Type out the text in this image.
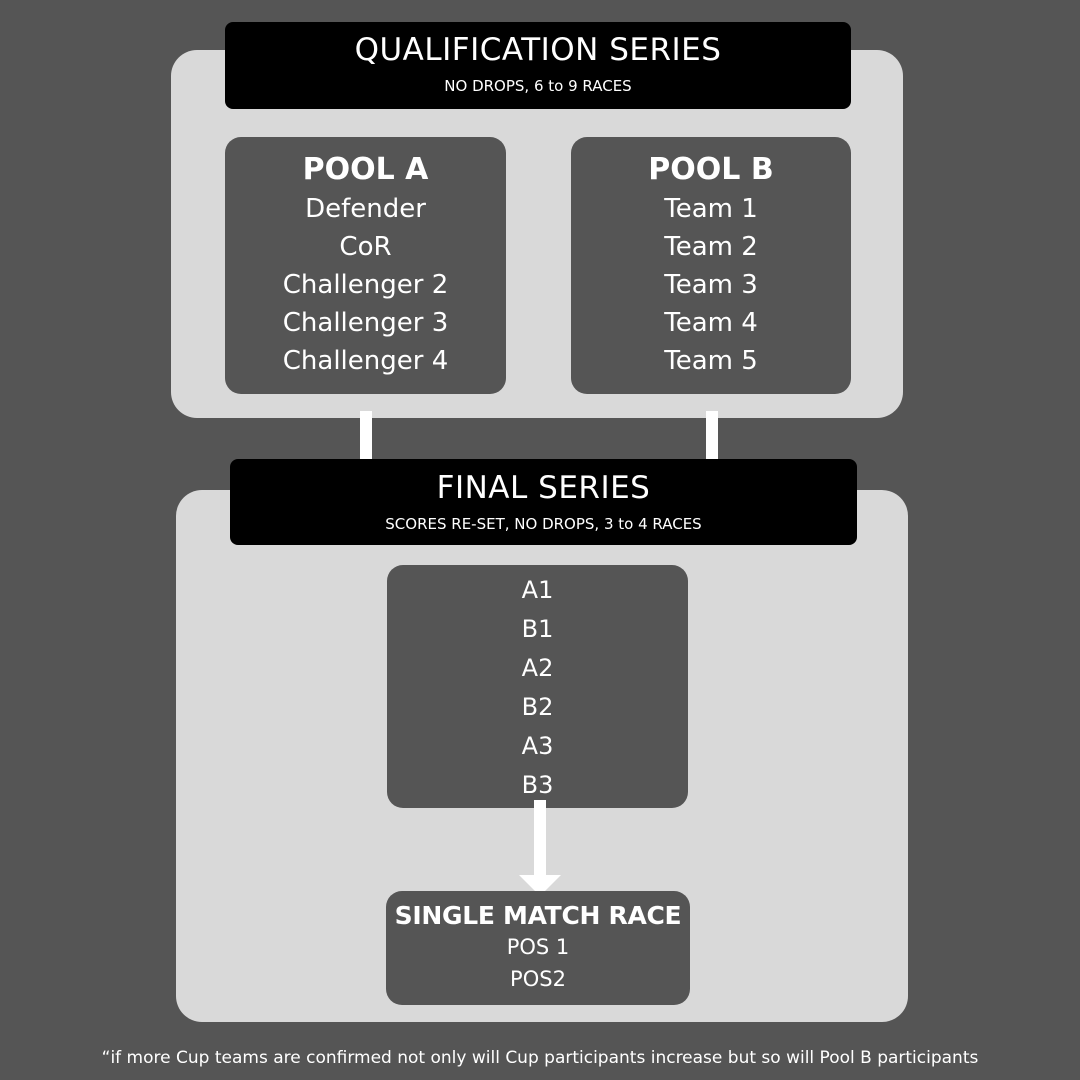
QUALIFICATION SERIES
NO DROPS, 6 to 9 RACES
POOL A
Defender
CoR
Challenger 2
Challenger 3
Challenger 4
POOL B
Team 1
Team 2
Team 3
Team 4
Team 5
FINAL SERIES
SCORES RE-SET, NO DROPS, 3 to 4 RACES
A1
B1
A2
B2
A3
B3
SINGLE MATCH RACE
POS 1
POS2
“if more Cup teams are confirmed not only will Cup participants increase but so will Pool B participants
